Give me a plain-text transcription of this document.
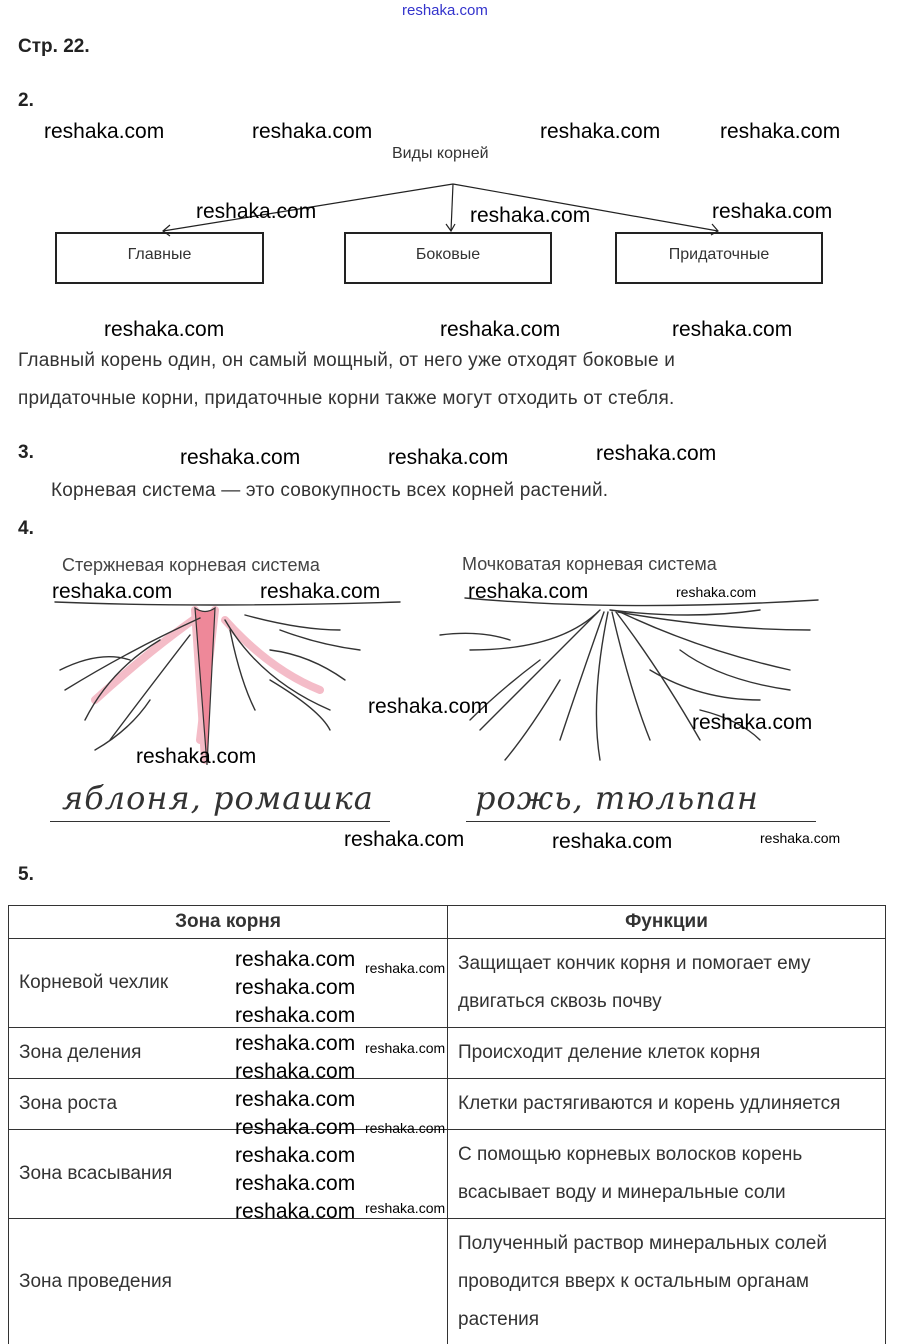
reshaka.com
Стр. 22.
2.
Виды корней
Главные	Боковые	Придаточные
Главный корень один, он самый мощный, от него уже отходят боковые и
придаточные корни, придаточные корни также могут отходить от стебля.
3.
Корневая система — это совокупность всех корней растений.
4.
Стержневая корневая система	Мочковатая корневая система
яблоня, ромашка	рожь, тюльпан
5.
Зона корня	Функции
Корневой чехлик	Защищает кончик корня и помогает ему двигаться сквозь почву
Зона деления	Происходит деление клеток корня
Зона роста	Клетки растягиваются и корень удлиняется
Зона всасывания	С помощью корневых волосков корень всасывает воду и минеральные соли
Зона проведения	Полученный раствор минеральных солей проводится вверх к остальным органам растения
reshaka.com	reshaka.com	reshaka.com	reshaka.com
reshaka.com	reshaka.com	reshaka.com
reshaka.com	reshaka.com	reshaka.com
reshaka.com	reshaka.com	reshaka.com
reshaka.com	reshaka.com	reshaka.com	reshaka.com
reshaka.com
reshaka.com
reshaka.com
reshaka.com	reshaka.com	reshaka.com
reshaka.com
reshaka.com
reshaka.com
reshaka.com
reshaka.com
reshaka.com
reshaka.com
reshaka.com
reshaka.com
reshaka.com
reshaka.com
reshaka.com
reshaka.com
reshaka.com
